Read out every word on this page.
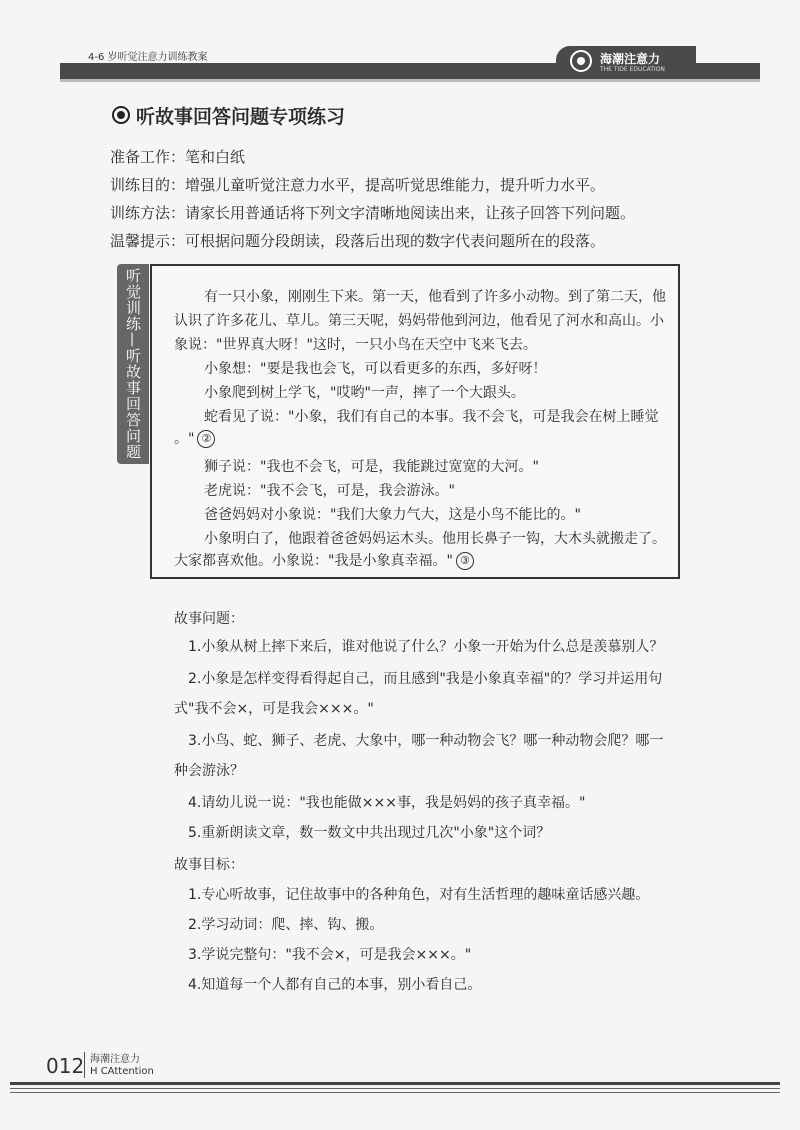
4-6 岁听觉注意力训练教案	海潮注意力
THE TIDE EDUCATION
听故事回答问题专项练习
准备工作：笔和白纸
训练目的：增强儿童听觉注意力水平，提高听觉思维能力，提升听力水平。
训练方法：请家长用普通话将下列文字清晰地阅读出来，让孩子回答下列问题。
温馨提示：可根据问题分段朗读，段落后出现的数字代表问题所在的段落。
听觉训练—听故事回答问题	有一只小象，刚刚生下来。第一天，他看到了许多小动物。到了第二天，他
认识了许多花儿、草儿。第三天呢，妈妈带他到河边，他看见了河水和高山。小
象说："世界真大呀！"这时，一只小鸟在天空中飞来飞去。
小象想："要是我也会飞，可以看更多的东西，多好呀！
小象爬到树上学飞，"哎哟"一声，摔了一个大跟头。
蛇看见了说："小象，我们有自己的本事。我不会飞，可是我会在树上睡觉
。" ②
狮子说："我也不会飞，可是，我能跳过宽宽的大河。"
老虎说："我不会飞，可是，我会游泳。"
爸爸妈妈对小象说："我们大象力气大，这是小鸟不能比的。"
小象明白了，他跟着爸爸妈妈运木头。他用长鼻子一钩，大木头就搬走了。
大家都喜欢他。小象说："我是小象真幸福。" ③
故事问题：
1.小象从树上摔下来后，谁对他说了什么？小象一开始为什么总是羡慕别人？
2.小象是怎样变得看得起自己，而且感到"我是小象真幸福"的？学习并运用句
式"我不会×，可是我会×××。"
3.小鸟、蛇、狮子、老虎、大象中，哪一种动物会飞？哪一种动物会爬？哪一
种会游泳？
4.请幼儿说一说："我也能做×××事，我是妈妈的孩子真幸福。"
5.重新朗读文章，数一数文中共出现过几次"小象"这个词？
故事目标：
1.专心听故事，记住故事中的各种角色，对有生活哲理的趣味童话感兴趣。
2.学习动词：爬、摔、钩、搬。
3.学说完整句："我不会×，可是我会×××。"
4.知道每一个人都有自己的本事，别小看自己。
012 海潮注意力
H CAttention
